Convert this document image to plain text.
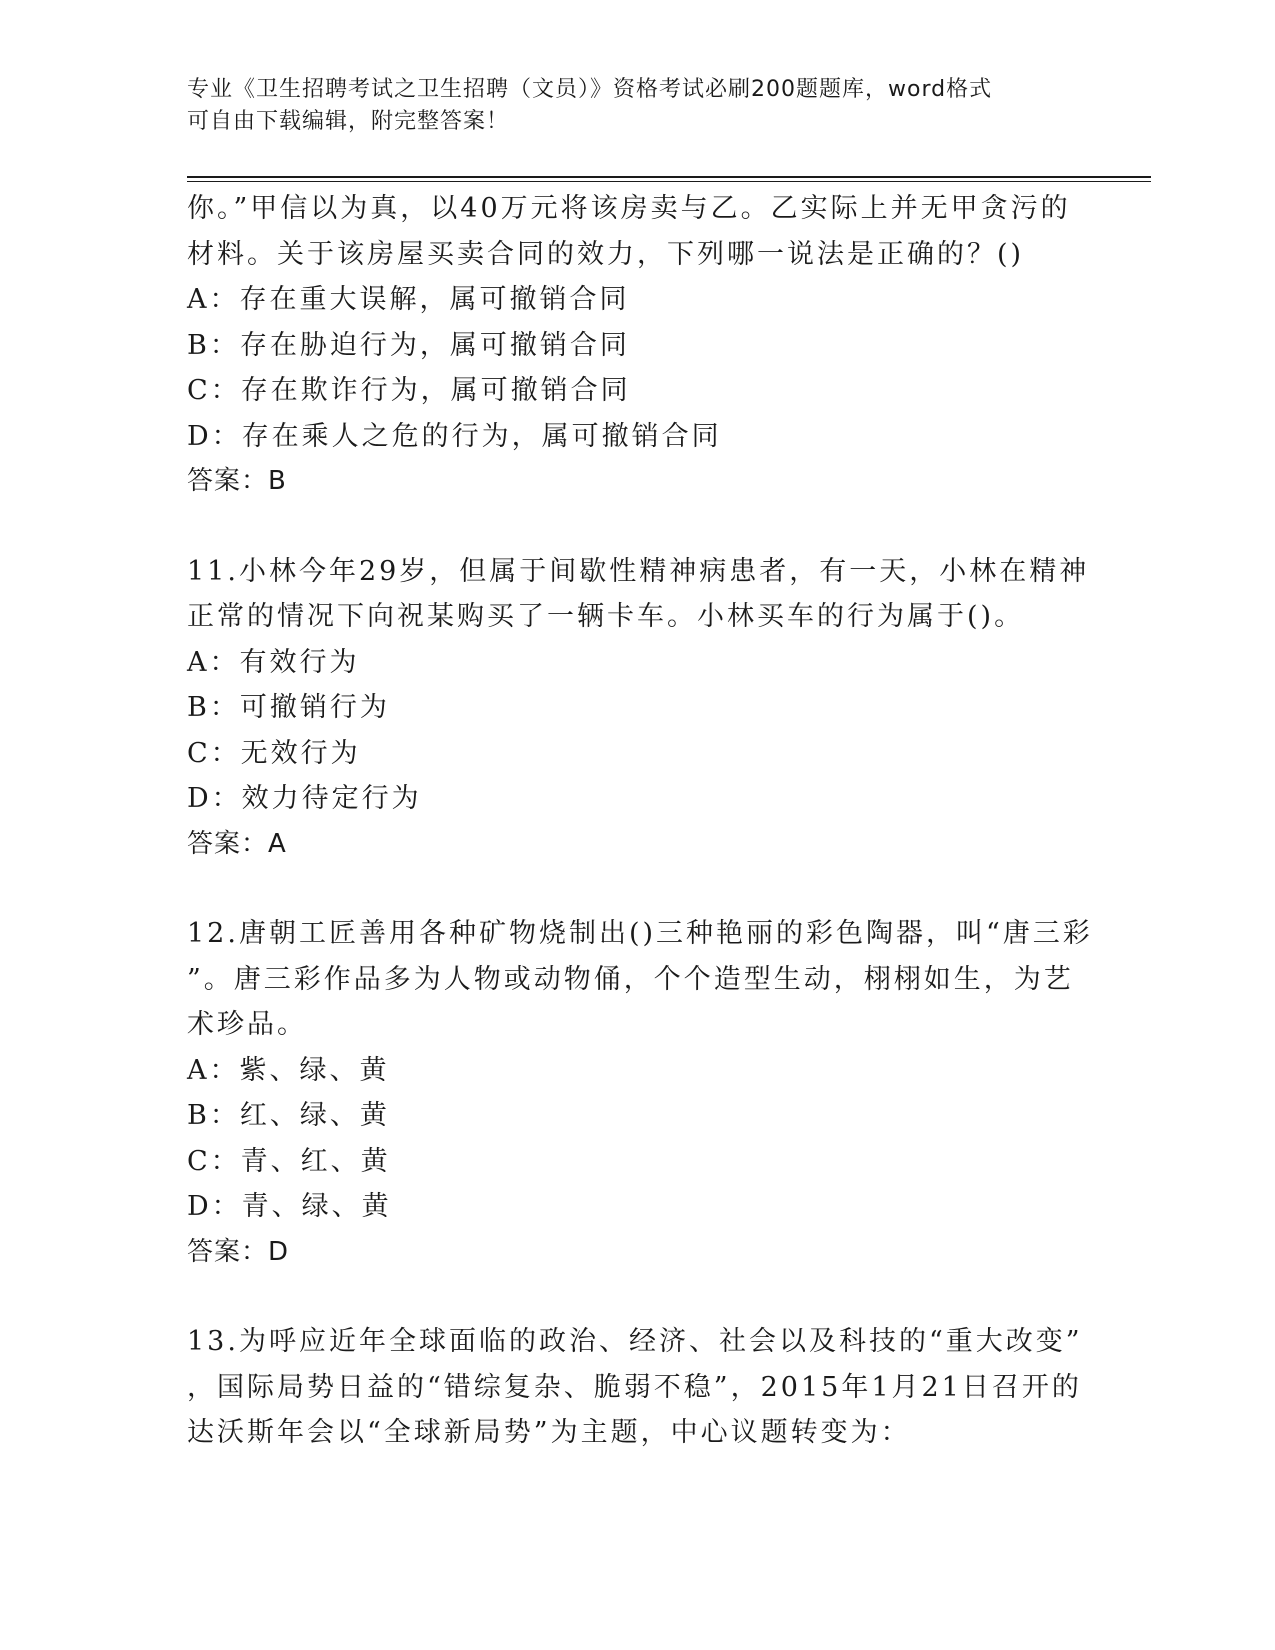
专业《卫生招聘考试之卫生招聘（文员）》资格考试必刷200题题库，word格式
可自由下载编辑，附完整答案！

你。”甲信以为真，以40万元将该房卖与乙。乙实际上并无甲贪污的

材料。关于该房屋买卖合同的效力，下列哪一说法是正确的？()

A：存在重大误解，属可撤销合同

B：存在胁迫行为，属可撤销合同

C：存在欺诈行为，属可撤销合同

D：存在乘人之危的行为，属可撤销合同

答案：B

11.小林今年29岁，但属于间歇性精神病患者，有一天，小林在精神

正常的情况下向祝某购买了一辆卡车。小林买车的行为属于()。

A：有效行为

B：可撤销行为

C：无效行为

D：效力待定行为

答案：A

12.唐朝工匠善用各种矿物烧制出()三种艳丽的彩色陶器，叫“唐三彩

”。唐三彩作品多为人物或动物俑，个个造型生动，栩栩如生，为艺

术珍品。

A：紫、绿、黄

B：红、绿、黄

C：青、红、黄

D：青、绿、黄

答案：D

13.为呼应近年全球面临的政治、经济、社会以及科技的“重大改变”

，国际局势日益的“错综复杂、脆弱不稳”，2015年1月21日召开的

达沃斯年会以“全球新局势”为主题，中心议题转变为：
